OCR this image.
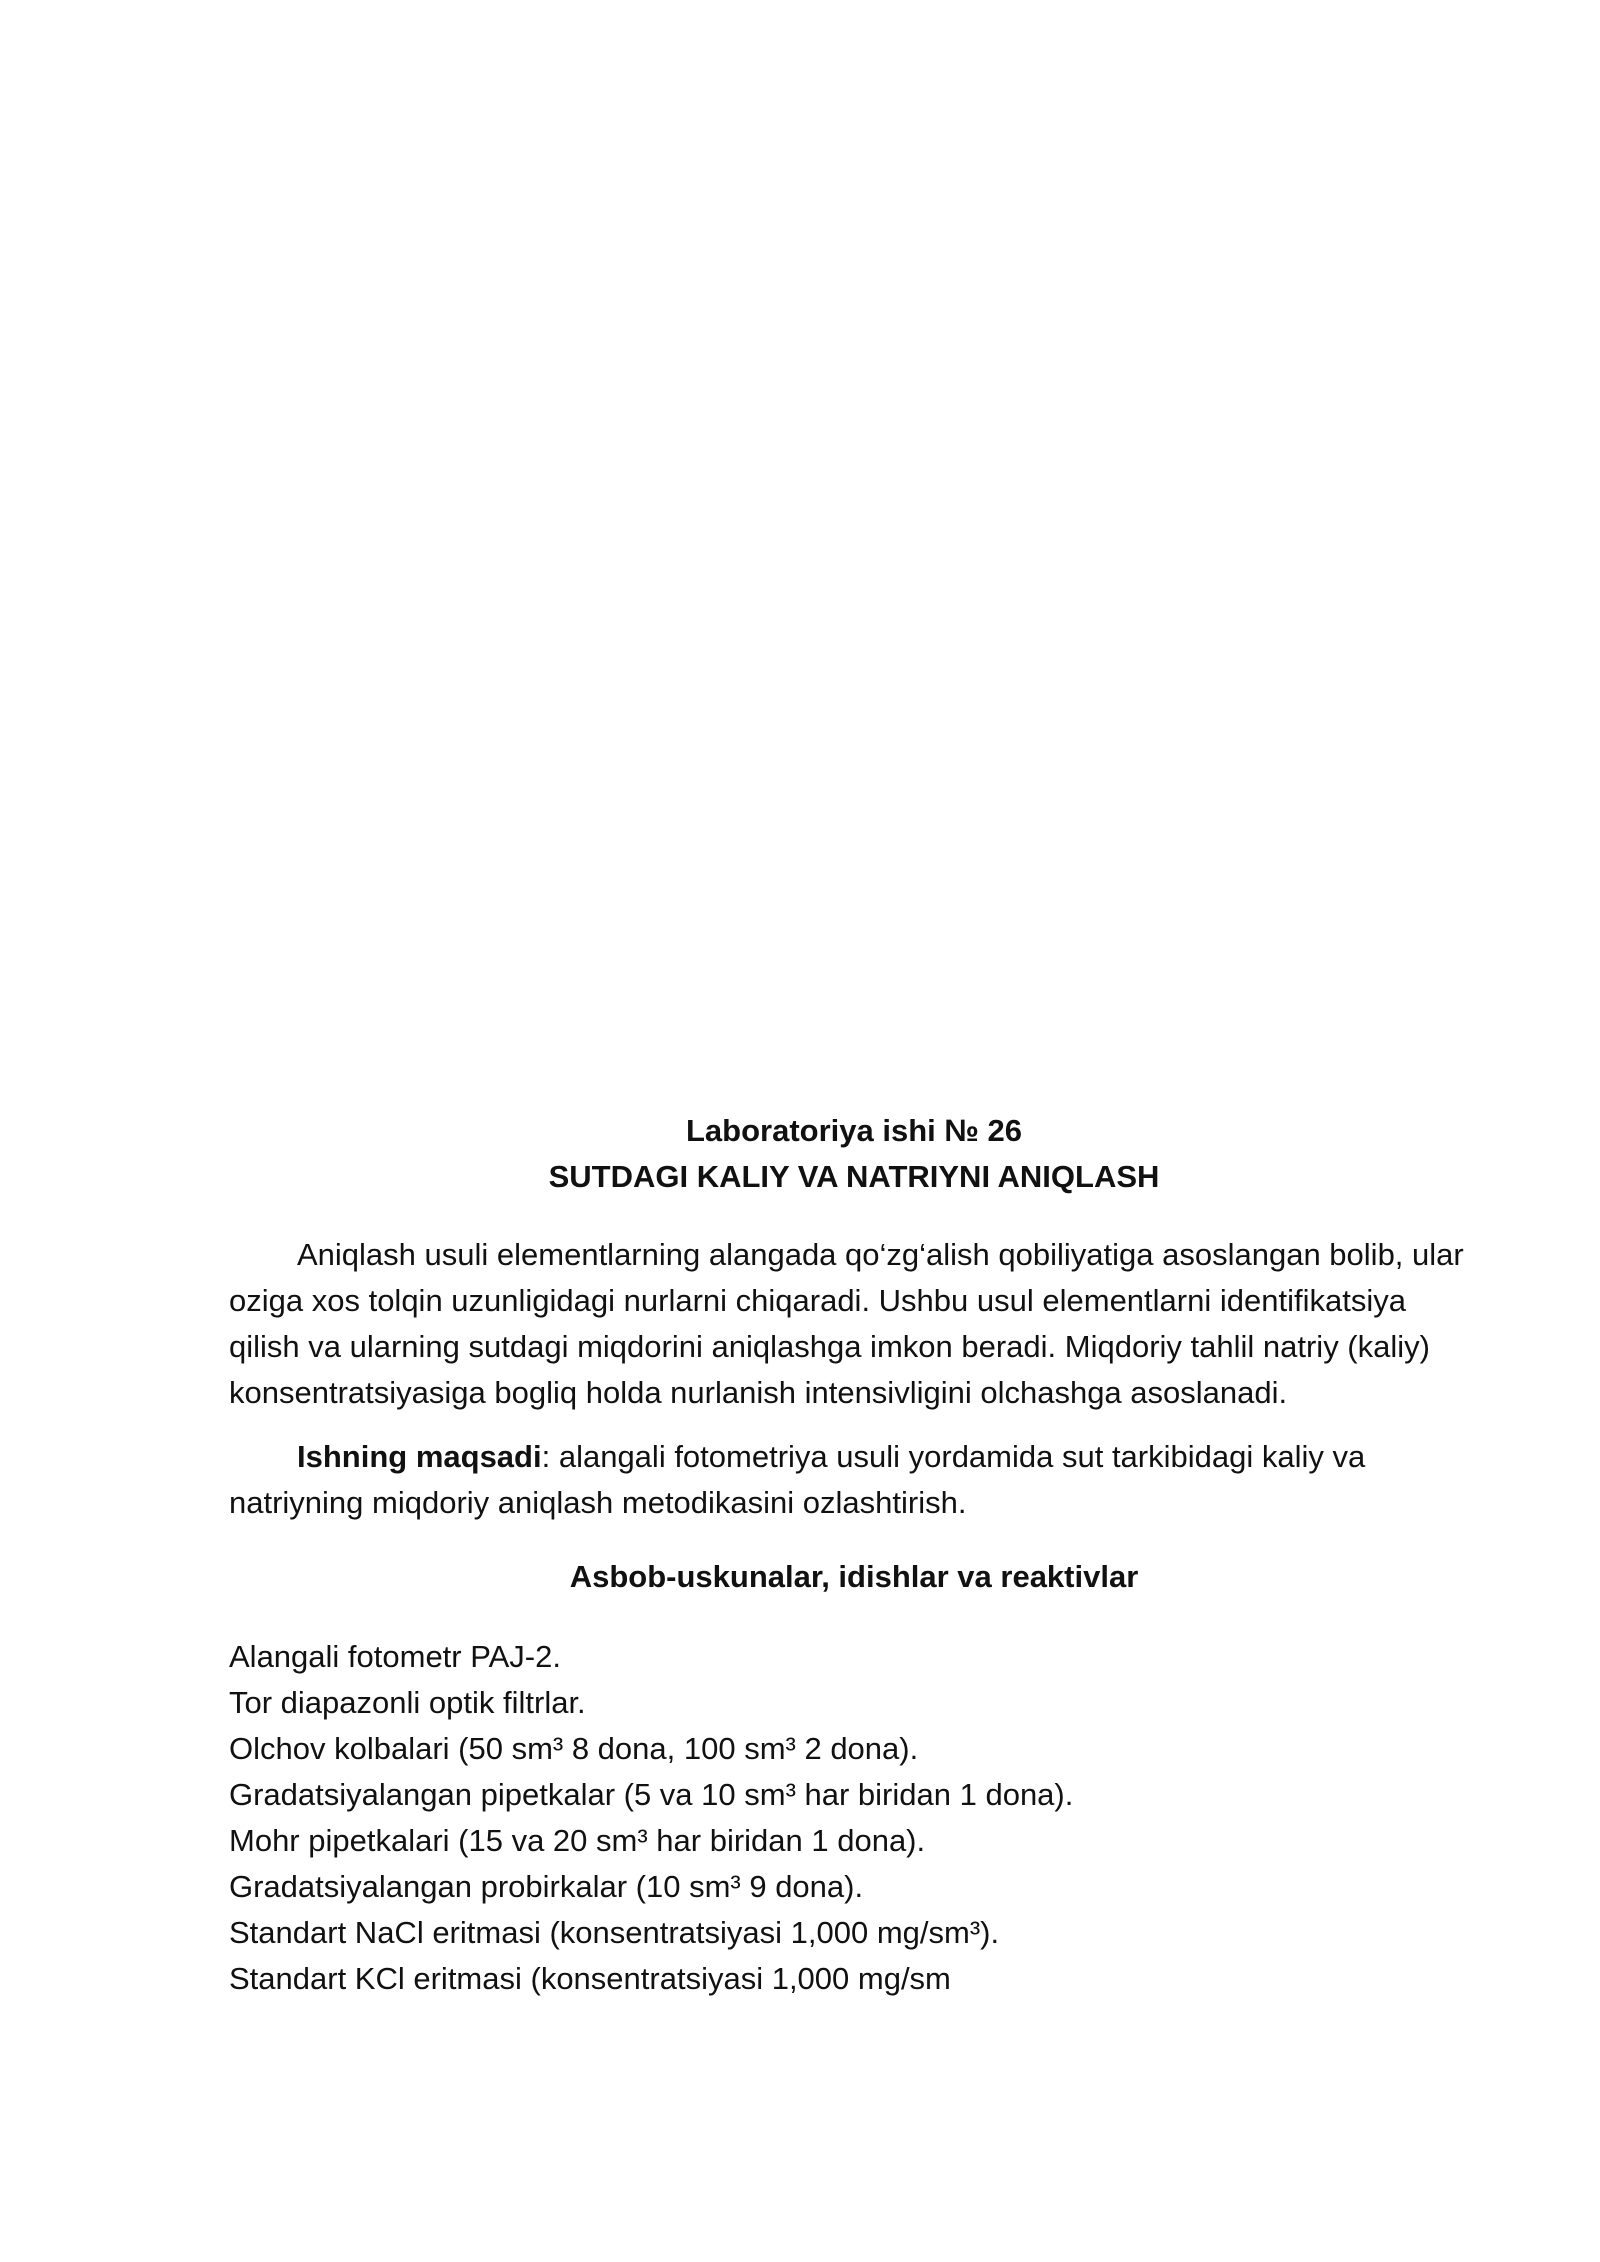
Laboratoriya ishi № 26
SUTDAGI KALIY VA NATRIYNI ANIQLASH

Aniqlash usuli elementlarning alangada qo‘zg‘alish qobiliyatiga asoslangan bolib, ular oziga xos tolqin uzunligidagi nurlarni chiqaradi. Ushbu usul elementlarni identifikatsiya qilish va ularning sutdagi miqdorini aniqlashga imkon beradi. Miqdoriy tahlil natriy (kaliy) konsentratsiyasiga bogliq holda nurlanish intensivligini olchashga asoslanadi.

Ishning maqsadi: alangali fotometriya usuli yordamida sut tarkibidagi kaliy va natriyning miqdoriy aniqlash metodikasini ozlashtirish.

Asbob-uskunalar, idishlar va reaktivlar
Alangali fotometr PAJ-2.
Tor diapazonli optik filtrlar.
Olchov kolbalari (50 sm³ 8 dona, 100 sm³ 2 dona).
Gradatsiyalangan pipetkalar (5 va 10 sm³ har biridan 1 dona).
Mohr pipetkalari (15 va 20 sm³ har biridan 1 dona).
Gradatsiyalangan probirkalar (10 sm³ 9 dona).
Standart NaCl eritmasi (konsentratsiyasi 1,000 mg/sm³).
Standart KCl eritmasi (konsentratsiyasi 1,000 mg/sm
